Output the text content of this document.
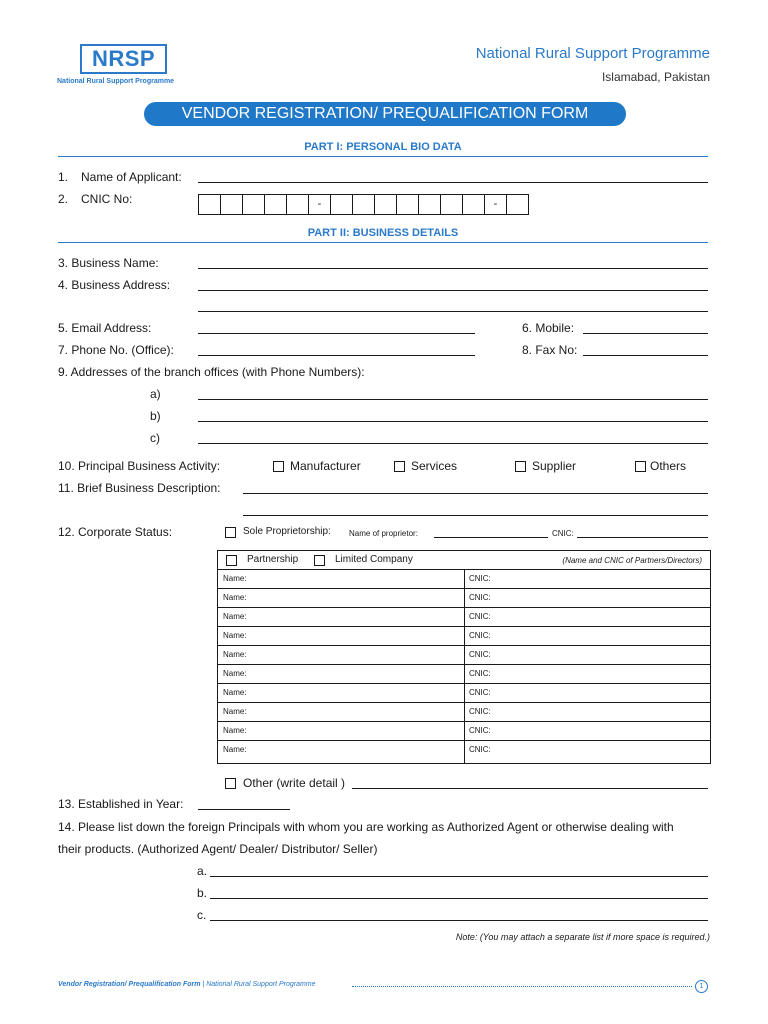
NRSP
National Rural Support Programme
National Rural Support Programme
Islamabad, Pakistan
VENDOR REGISTRATION/ PREQUALIFICATION FORM
PART I: PERSONAL BIO DATA
1. Name of Applicant:
2. CNIC No:	-	-
PART II: BUSINESS DETAILS
3. Business Name:
4. Business Address:
5. Email Address:	6. Mobile:
7. Phone No. (Office):	8. Fax No:
9. Addresses of the branch offices (with Phone Numbers):
a)
b)
c)
10. Principal Business Activity:	Manufacturer	Services	Supplier	Others
11. Brief Business Description:
12. Corporate Status:	Sole Proprietorship: Name of proprietor:	CNIC:
Partnership	Limited Company	(Name and CNIC of Partners/Directors)
Name:	CNIC:
Name:	CNIC:
Name:	CNIC:
Name:	CNIC:
Name:	CNIC:
Name:	CNIC:
Name:	CNIC:
Name:	CNIC:
Name:	CNIC:
Name:	CNIC:
Other (write detail )
13. Established in Year:
14. Please list down the foreign Principals with whom you are working as Authorized Agent or otherwise dealing with
their products. (Authorized Agent/ Dealer/ Distributor/ Seller)
a.
b.
c.
Note: (You may attach a separate list if more space is required.)
Vendor Registration/ Prequalification Form | National Rural Support Programme	1
